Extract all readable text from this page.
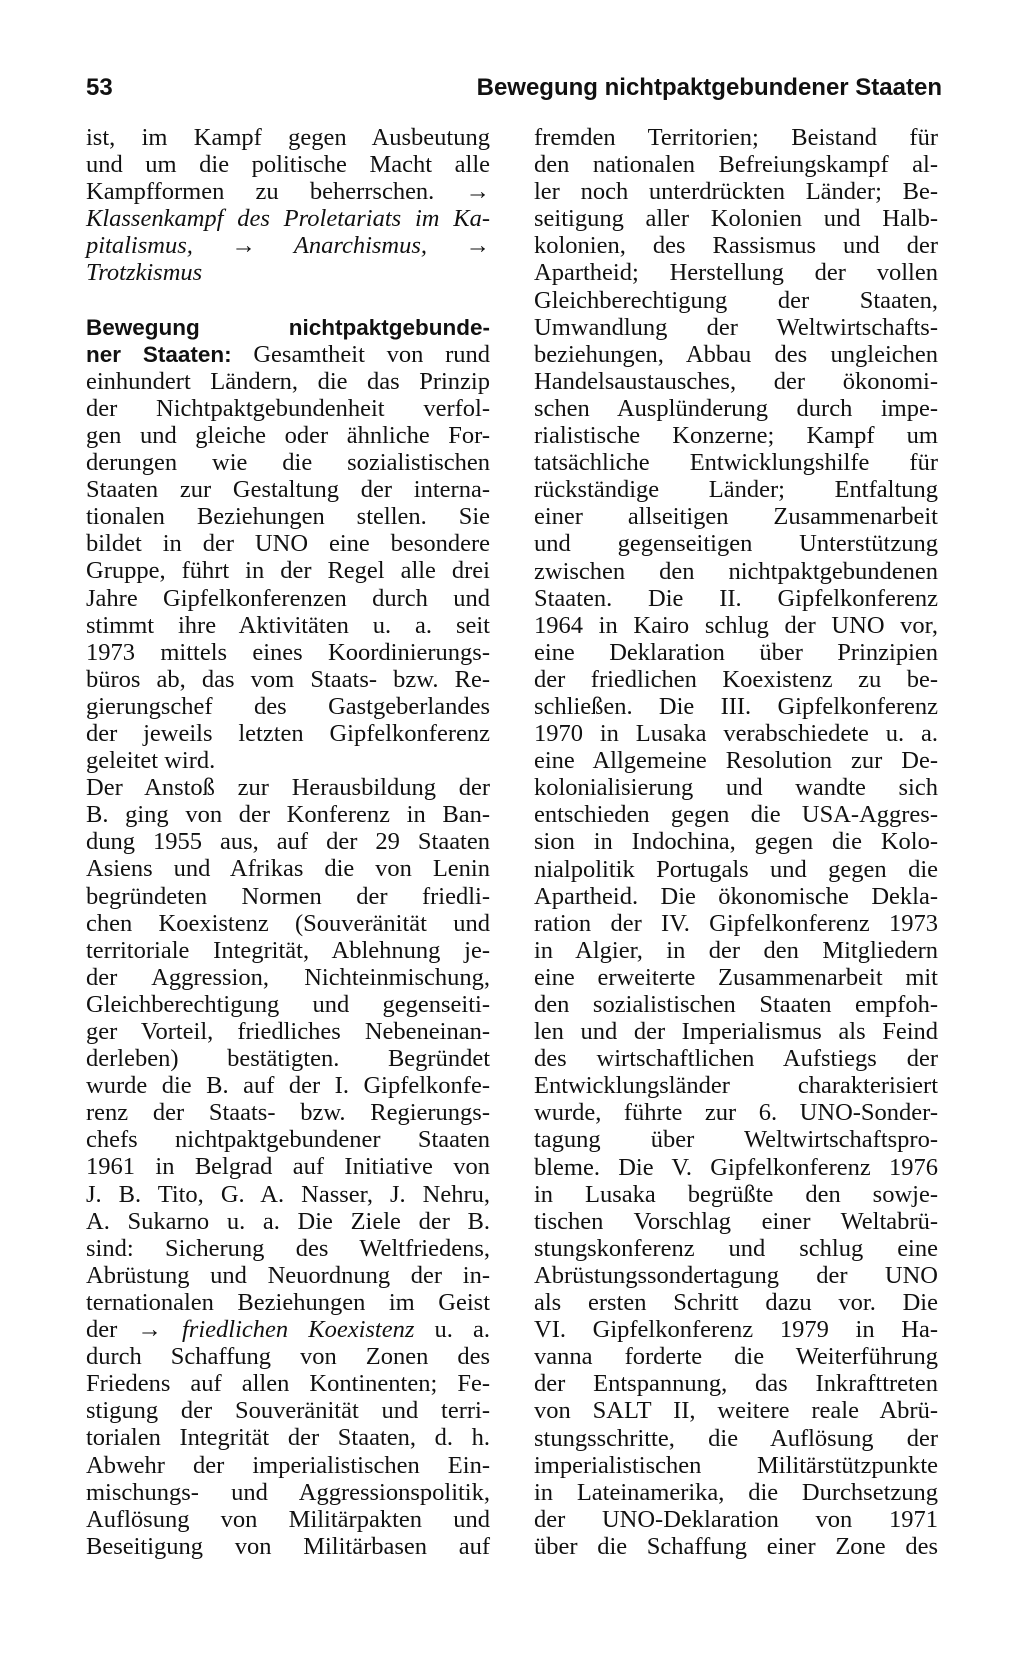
53	Bewegung nichtpaktgebundener Staaten
ist, im Kampf gegen Ausbeutung
und um die politische Macht alle
Kampfformen zu beherrschen. →
Klassenkampf des Proletariats im Ka-
pitalismus, → Anarchismus, →
Trotzkismus
Bewegung nichtpaktgebunde-
ner Staaten: Gesamtheit von rund
einhundert Ländern, die das Prinzip
der Nichtpaktgebundenheit verfol-
gen und gleiche oder ähnliche For-
derungen wie die sozialistischen
Staaten zur Gestaltung der interna-
tionalen Beziehungen stellen. Sie
bildet in der UNO eine besondere
Gruppe, führt in der Regel alle drei
Jahre Gipfelkonferenzen durch und
stimmt ihre Aktivitäten u. a. seit
1973 mittels eines Koordinierungs-
büros ab, das vom Staats- bzw. Re-
gierungschef des Gastgeberlandes
der jeweils letzten Gipfelkonferenz
geleitet wird.
Der Anstoß zur Herausbildung der
B. ging von der Konferenz in Ban-
dung 1955 aus, auf der 29 Staaten
Asiens und Afrikas die von Lenin
begründeten Normen der friedli-
chen Koexistenz (Souveränität und
territoriale Integrität, Ablehnung je-
der Aggression, Nichteinmischung,
Gleichberechtigung und gegenseiti-
ger Vorteil, friedliches Nebeneinan-
derleben) bestätigten. Begründet
wurde die B. auf der I. Gipfelkonfe-
renz der Staats- bzw. Regierungs-
chefs nichtpaktgebundener Staaten
1961 in Belgrad auf Initiative von
J. B. Tito, G. A. Nasser, J. Nehru,
A. Sukarno u. a. Die Ziele der B.
sind: Sicherung des Weltfriedens,
Abrüstung und Neuordnung der in-
ternationalen Beziehungen im Geist
der → friedlichen Koexistenz u. a.
durch Schaffung von Zonen des
Friedens auf allen Kontinenten; Fe-
stigung der Souveränität und terri-
torialen Integrität der Staaten, d. h.
Abwehr der imperialistischen Ein-
mischungs- und Aggressionspolitik,
Auflösung von Militärpakten und
Beseitigung von Militärbasen auf
fremden Territorien; Beistand für
den nationalen Befreiungskampf al-
ler noch unterdrückten Länder; Be-
seitigung aller Kolonien und Halb-
kolonien, des Rassismus und der
Apartheid; Herstellung der vollen
Gleichberechtigung der Staaten,
Umwandlung der Weltwirtschafts-
beziehungen, Abbau des ungleichen
Handelsaustausches, der ökonomi-
schen Ausplünderung durch impe-
rialistische Konzerne; Kampf um
tatsächliche Entwicklungshilfe für
rückständige Länder; Entfaltung
einer allseitigen Zusammenarbeit
und gegenseitigen Unterstützung
zwischen den nichtpaktgebundenen
Staaten. Die II. Gipfelkonferenz
1964 in Kairo schlug der UNO vor,
eine Deklaration über Prinzipien
der friedlichen Koexistenz zu be-
schließen. Die III. Gipfelkonferenz
1970 in Lusaka verabschiedete u. a.
eine Allgemeine Resolution zur De-
kolonialisierung und wandte sich
entschieden gegen die USA-Aggres-
sion in Indochina, gegen die Kolo-
nialpolitik Portugals und gegen die
Apartheid. Die ökonomische Dekla-
ration der IV. Gipfelkonferenz 1973
in Algier, in der den Mitgliedern
eine erweiterte Zusammenarbeit mit
den sozialistischen Staaten empfoh-
len und der Imperialismus als Feind
des wirtschaftlichen Aufstiegs der
Entwicklungsländer charakterisiert
wurde, führte zur 6. UNO-Sonder-
tagung über Weltwirtschaftspro-
bleme. Die V. Gipfelkonferenz 1976
in Lusaka begrüßte den sowje-
tischen Vorschlag einer Weltabrü-
stungskonferenz und schlug eine
Abrüstungssondertagung der UNO
als ersten Schritt dazu vor. Die
VI. Gipfelkonferenz 1979 in Ha-
vanna forderte die Weiterführung
der Entspannung, das Inkrafttreten
von SALT II, weitere reale Abrü-
stungsschritte, die Auflösung der
imperialistischen Militärstützpunkte
in Lateinamerika, die Durchsetzung
der UNO-Deklaration von 1971
über die Schaffung einer Zone des
